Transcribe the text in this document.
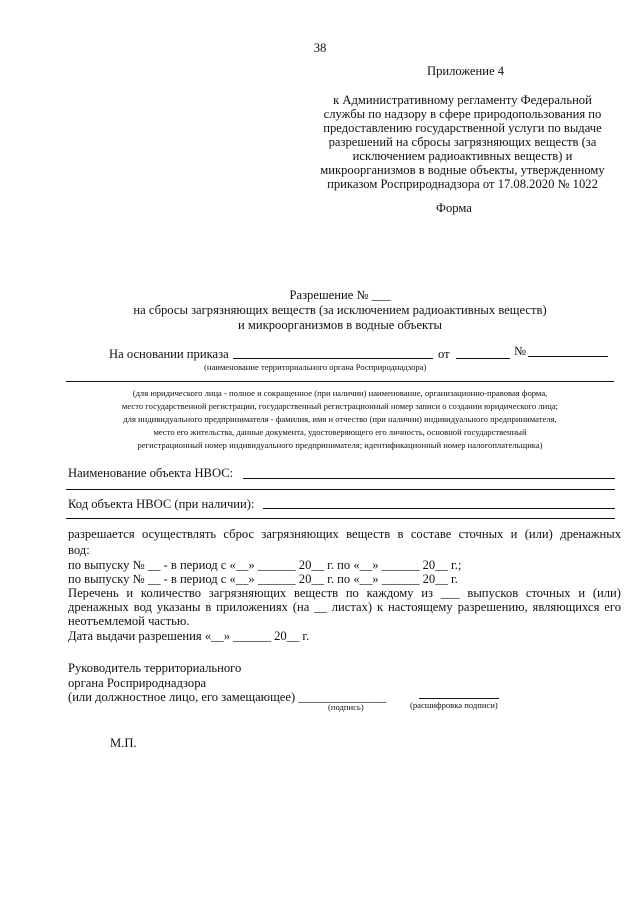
38
Приложение 4
к Административному регламенту Федеральной
службы по надзору в сфере природопользования по
предоставлению государственной услуги по выдаче
разрешений на сбросы загрязняющих веществ (за
исключением радиоактивных веществ) и
микроорганизмов в водные объекты, утвержденному
приказом Росприроднадзора от 17.08.2020 № 1022
Форма
Разрешение № ___
на сбросы загрязняющих веществ (за исключением радиоактивных веществ)
и микроорганизмов в водные объекты
На основании приказа	от	№
(наименование территориального органа Росприроднадзора)
(для юридического лица - полное и сокращенное (при наличии) наименование, организационно-правовая форма,
место государственной регистрации, государственный регистрационный номер записи о создании юридического лица;
для индивидуального предпринимателя - фамилия, имя и отчество (при наличии) индивидуального предпринимателя,
место его жительства, данные документа, удостоверяющего его личность, основной государственный
регистрационный номер индивидуального предпринимателя; идентификационный номер налогоплательщика)
Наименование объекта НВОС:
Код объекта НВОС (при наличии):
разрешается осуществлять сброс загрязняющих веществ в составе сточных и (или) дренажных
вод:
по выпуску № __ - в период с «__» ______ 20__ г. по «__» ______ 20__ г.;
по выпуску № __ - в период с «__» ______ 20__ г. по «__» ______ 20__ г.
Перечень и количество загрязняющих веществ по каждому из ___ выпусков сточных и (или)
дренажных вод указаны в приложениях (на __ листах) к настоящему разрешению, являющихся его
неотъемлемой частью.
Дата выдачи разрешения «__» ______ 20__ г.
Руководитель территориального
органа Росприроднадзора
(или должностное лицо, его замещающее) ______________
(подпись)	(расшифровка подписи)
М.П.
